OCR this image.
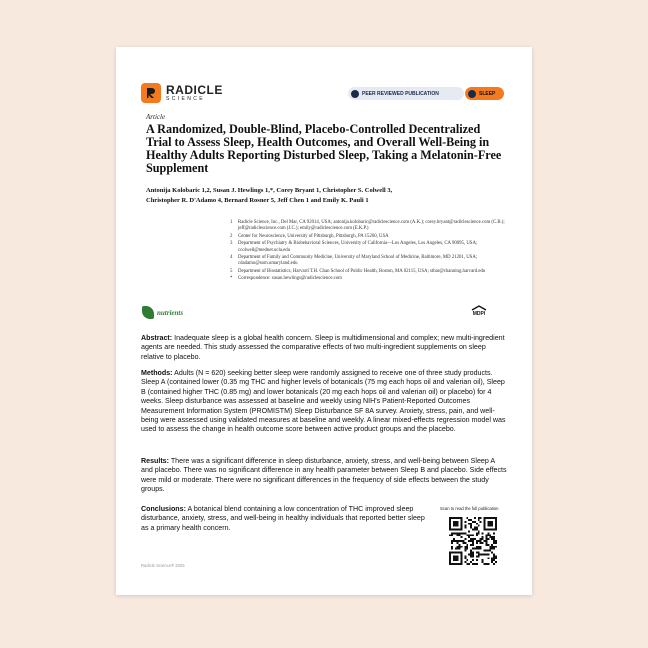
RADICLE
SCIENCE
PEER REVIEWED PUBLICATION	SLEEP
Article
A Randomized, Double-Blind, Placebo-Controlled Decentralized Trial to Assess Sleep, Health Outcomes, and Overall Well-Being in Healthy Adults Reporting Disturbed Sleep, Taking a Melatonin-Free Supplement
Antonija Kolobaric 1,2, Susan J. Hewlings 1,*, Corey Bryant 1, Christopher S. Colwell 3,
Christopher R. D'Adamo 4, Bernard Rosner 5, Jeff Chen 1 and Emily K. Pauli 1
1	Radicle Science, Inc., Del Mar, CA 92014, USA; antonija.kolobaric@radiclescience.com (A.K.); corey.bryant@radiclescience.com (C.B.); jeff@radiclescience.com (J.C.); emily@radiclescience.com (E.K.P.)
2	Center for Neuroscience, University of Pittsburgh, Pittsburgh, PA 15260, USA
3	Department of Psychiatry & Biobehavioral Sciences, University of California—Los Angeles, Los Angeles, CA 90095, USA; ccolwell@mednet.ucla.edu
4	Department of Family and Community Medicine, University of Maryland School of Medicine, Baltimore, MD 21201, USA; cdadamo@som.umaryland.edu
5	Department of Biostatistics, Harvard T.H. Chan School of Public Health, Boston, MA 02115, USA; stbar@channing.harvard.edu
*	Correspondence: susan.hewlings@radiclescience.com
nutrients	MDPI

Abstract: Inadequate sleep is a global health concern. Sleep is multidimensional and complex; new multi-ingredient agents are needed. This study assessed the comparative effects of two multi-ingredient supplements on sleep relative to placebo.

Methods: Adults (N = 620) seeking better sleep were randomly assigned to receive one of three study products. Sleep A (contained lower (0.35 mg THC and higher levels of botanicals (75 mg each hops oil and valerian oil), Sleep B (contained higher THC (0.85 mg) and lower botanicals (20 mg each hops oil and valerian oil) or placebo) for 4 weeks. Sleep disturbance was assessed at baseline and weekly using NIH's Patient-Reported Outcomes Measurement Information System (PROMISTM) Sleep Disturbance SF 8A survey. Anxiety, stress, pain, and well-being were assessed using validated measures at baseline and weekly. A linear mixed-effects regression model was used to assess the change in health outcome score between active product groups and the placebo.

Results: There was a significant difference in sleep disturbance, anxiety, stress, and well-being between Sleep A and placebo. There was no significant difference in any health parameter between Sleep B and placebo. Side effects were mild or moderate. There were no significant differences in the frequency of side effects between the study groups.

Conclusions: A botanical blend containing a low concentration of THC improved sleep disturbance, anxiety, stress, and well-being in healthy individuals that reported better sleep as a primary health concern.

Scan to read the full publication
Radicle Science® 2025
